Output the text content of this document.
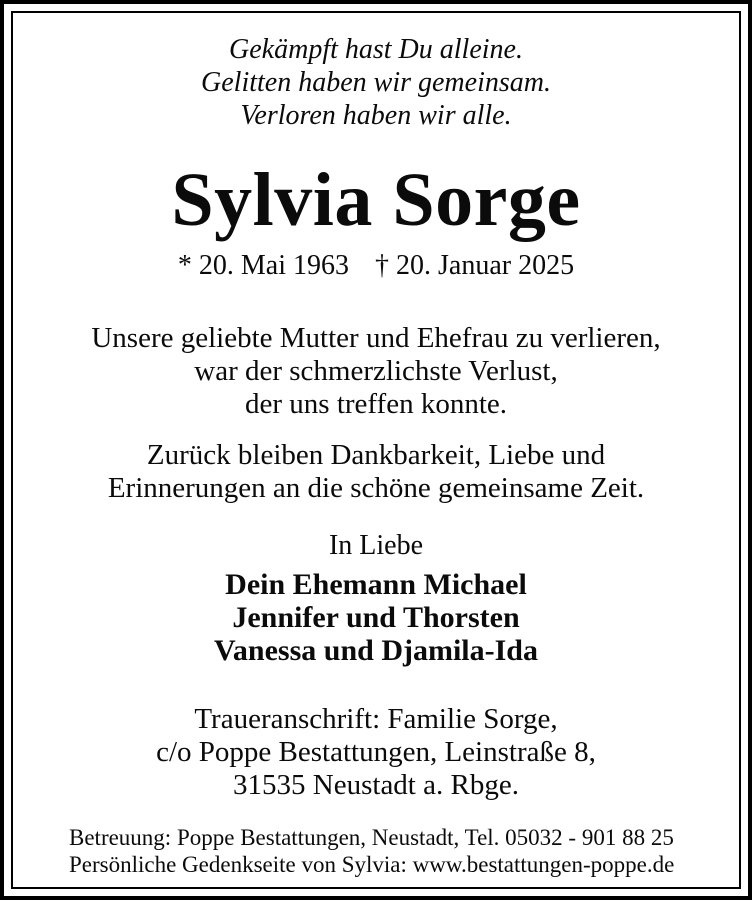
Gekämpft hast Du alleine.
Gelitten haben wir gemeinsam.
Verloren haben wir alle.
Sylvia Sorge
* 20. Mai 1963 † 20. Januar 2025
Unsere geliebte Mutter und Ehefrau zu verlieren,
war der schmerzlichste Verlust,
der uns treffen konnte.
Zurück bleiben Dankbarkeit, Liebe und
Erinnerungen an die schöne gemeinsame Zeit.
In Liebe
Dein Ehemann Michael
Jennifer und Thorsten
Vanessa und Djamila-Ida
Traueranschrift: Familie Sorge,
c/o Poppe Bestattungen, Leinstraße 8,
31535 Neustadt a. Rbge.
Betreuung: Poppe Bestattungen, Neustadt, Tel. 05032 - 901 88 25
Persönliche Gedenkseite von Sylvia: www.bestattungen-poppe.de
